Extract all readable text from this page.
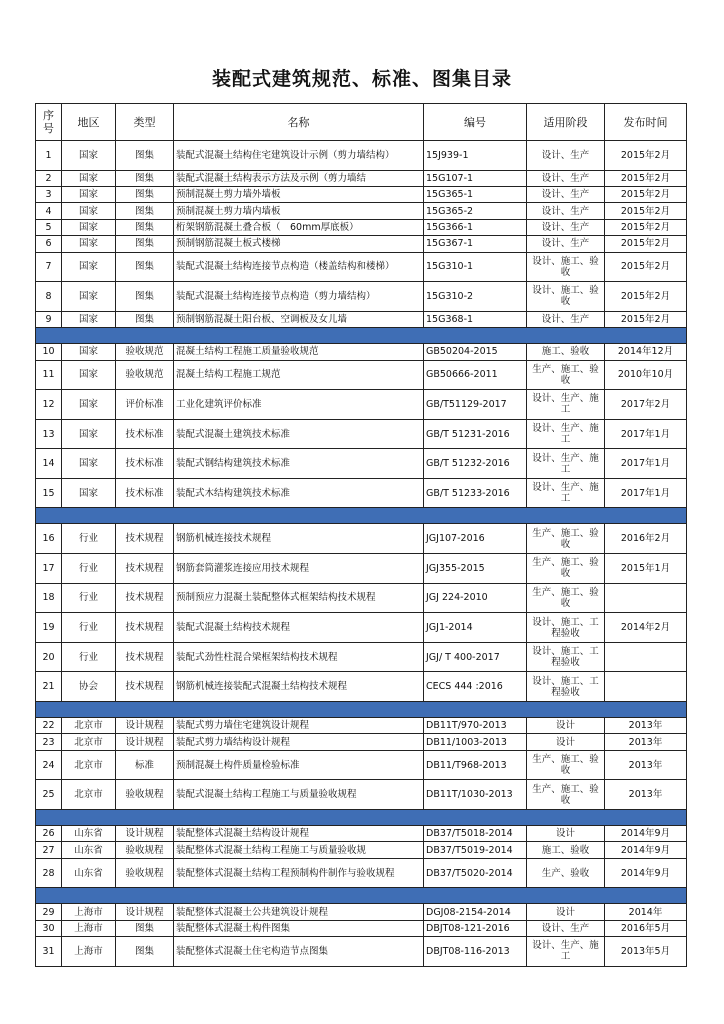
装配式建筑规范、标准、图集目录
序号	地区	类型	名称	编号	适用阶段	发布时间
1	国家	图集	装配式混凝土结构住宅建筑设计示例（剪力墙结构）	15J939-1	设计、生产	2015年2月
2	国家	图集	装配式混凝土结构表示方法及示例（剪力墙结	15G107-1	设计、生产	2015年2月
3	国家	图集	预制混凝土剪力墙外墙板	15G365-1	设计、生产	2015年2月
4	国家	图集	预制混凝土剪力墙内墙板	15G365-2	设计、生产	2015年2月
5	国家	图集	桁架钢筋混凝土叠合板（　60mm厚底板）	15G366-1	设计、生产	2015年2月
6	国家	图集	预制钢筋混凝土板式楼梯	15G367-1	设计、生产	2015年2月
7	国家	图集	装配式混凝土结构连接节点构造（楼盖结构和楼梯）	15G310-1	设计、施工、验收	2015年2月
8	国家	图集	装配式混凝土结构连接节点构造（剪力墙结构）	15G310-2	设计、施工、验收	2015年2月
9	国家	图集	预制钢筋混凝土阳台板、空调板及女儿墙	15G368-1	设计、生产	2015年2月

10	国家	验收规范	混凝土结构工程施工质量验收规范	GB50204-2015	施工、验收	2014年12月
11	国家	验收规范	混凝土结构工程施工规范	GB50666-2011	生产、施工、验收	2010年10月
12	国家	评价标准	工业化建筑评价标准	GB/T51129-2017	设计、生产、施工	2017年2月
13	国家	技术标准	装配式混凝土建筑技术标准	GB/T 51231-2016	设计、生产、施工	2017年1月
14	国家	技术标准	装配式钢结构建筑技术标准	GB/T 51232-2016	设计、生产、施工	2017年1月
15	国家	技术标准	装配式木结构建筑技术标准	GB/T 51233-2016	设计、生产、施工	2017年1月

16	行业	技术规程	钢筋机械连接技术规程	JGJ107-2016	生产、施工、验收	2016年2月
17	行业	技术规程	钢筋套筒灌浆连接应用技术规程	JGJ355-2015	生产、施工、验收	2015年1月
18	行业	技术规程	预制预应力混凝土装配整体式框架结构技术规程	JGJ 224-2010	生产、施工、验收	
19	行业	技术规程	装配式混凝土结构技术规程	JGJ1-2014	设计、施工、工程验收	2014年2月
20	行业	技术规程	装配式劲性柱混合梁框架结构技术规程	JGJ/ T 400-2017	设计、施工、工程验收	
21	协会	技术规程	钢筋机械连接装配式混凝土结构技术规程	CECS 444 :2016	设计、施工、工程验收	

22	北京市	设计规程	装配式剪力墙住宅建筑设计规程	DB11T/970-2013	设计	2013年
23	北京市	设计规程	装配式剪力墙结构设计规程	DB11/1003-2013	设计	2013年
24	北京市	标准	预制混凝土构件质量检验标准	DB11/T968-2013	生产、施工、验收	2013年
25	北京市	验收规程	装配式混凝土结构工程施工与质量验收规程	DB11T/1030-2013	生产、施工、验收	2013年

26	山东省	设计规程	装配整体式混凝土结构设计规程	DB37/T5018-2014	设计	2014年9月
27	山东省	验收规程	装配整体式混凝土结构工程施工与质量验收规	DB37/T5019-2014	施工、验收	2014年9月
28	山东省	验收规程	装配整体式混凝土结构工程预制构件制作与验收规程	DB37/T5020-2014	生产、验收	2014年9月

29	上海市	设计规程	装配整体式混凝土公共建筑设计规程	DGJ08-2154-2014	设计	2014年
30	上海市	图集	装配整体式混凝土构件图集	DBJT08-121-2016	设计、生产	2016年5月
31	上海市	图集	装配整体式混凝土住宅构造节点图集	DBJT08-116-2013	设计、生产、施工	2013年5月
